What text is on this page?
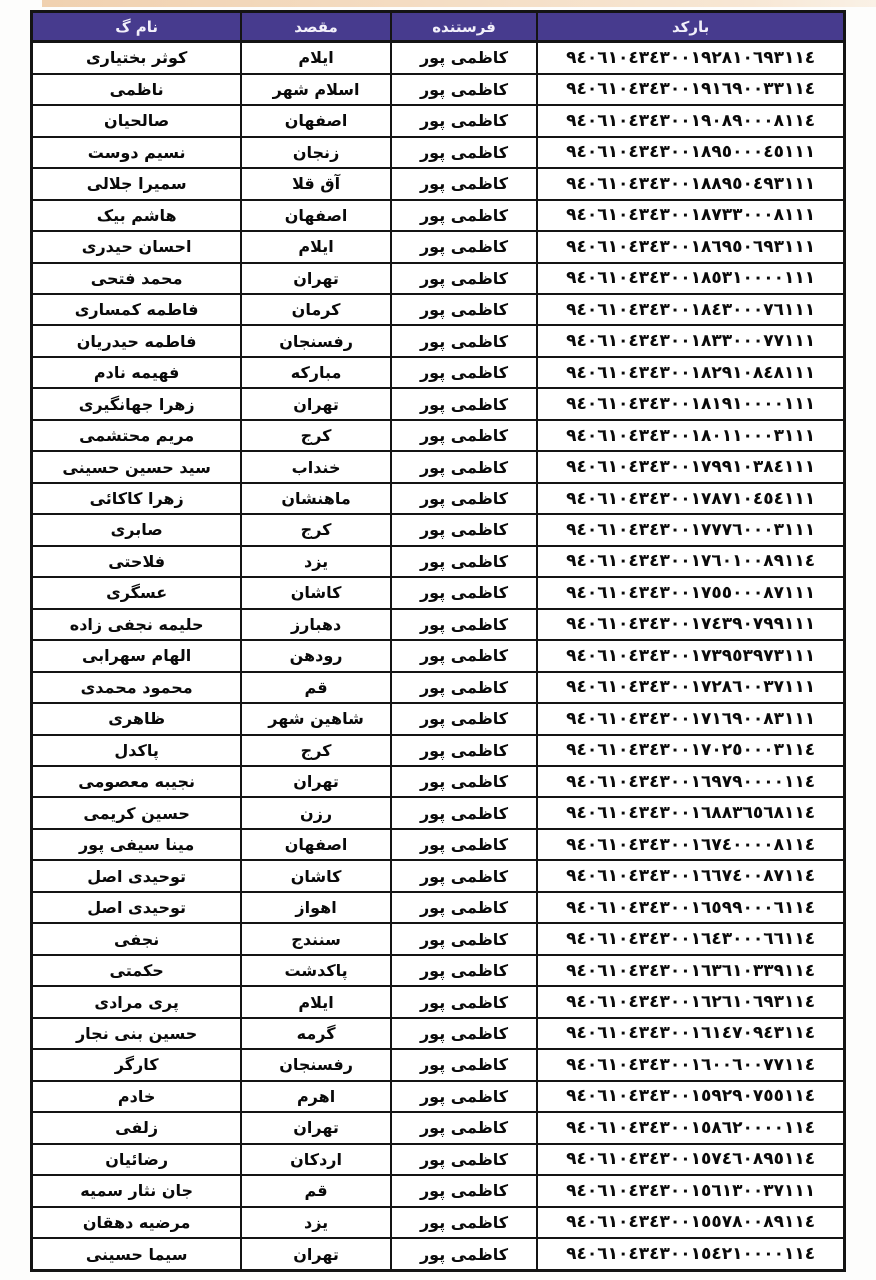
بارکد	فرستنده	مقصد	نام گ
٩٤٠٦١٠٤٣٤٣٠٠١٩٢٨١٠٦٩٣١١٤	کاظمی پور	ایلام	کوثر بختیاری
٩٤٠٦١٠٤٣٤٣٠٠١٩١٦٩٠٠٣٣١١٤	کاظمی پور	اسلام شهر	ناظمی
٩٤٠٦١٠٤٣٤٣٠٠١٩٠٨٩٠٠٠٨١١٤	کاظمی پور	اصفهان	صالحیان
٩٤٠٦١٠٤٣٤٣٠٠١٨٩٥٠٠٠٤٥١١١	کاظمی پور	زنجان	نسیم دوست
٩٤٠٦١٠٤٣٤٣٠٠١٨٨٩٥٠٤٩٣١١١	کاظمی پور	آق قلا	سمیرا جلالی
٩٤٠٦١٠٤٣٤٣٠٠١٨٧٣٣٠٠٠٨١١١	کاظمی پور	اصفهان	هاشم بیک
٩٤٠٦١٠٤٣٤٣٠٠١٨٦٩٥٠٦٩٣١١١	کاظمی پور	ایلام	احسان حیدری
٩٤٠٦١٠٤٣٤٣٠٠١٨٥٣١٠٠٠٠١١١	کاظمی پور	تهران	محمد فتحی
٩٤٠٦١٠٤٣٤٣٠٠١٨٤٣٠٠٠٧٦١١١	کاظمی پور	کرمان	فاطمه کمساری
٩٤٠٦١٠٤٣٤٣٠٠١٨٣٣٠٠٠٧٧١١١	کاظمی پور	رفسنجان	فاطمه حیدریان
٩٤٠٦١٠٤٣٤٣٠٠١٨٢٩١٠٨٤٨١١١	کاظمی پور	مبارکه	فهیمه نادم
٩٤٠٦١٠٤٣٤٣٠٠١٨١٩١٠٠٠٠١١١	کاظمی پور	تهران	زهرا جهانگیری
٩٤٠٦١٠٤٣٤٣٠٠١٨٠١١٠٠٠٣١١١	کاظمی پور	کرج	مریم محتشمی
٩٤٠٦١٠٤٣٤٣٠٠١٧٩٩١٠٣٨٤١١١	کاظمی پور	خنداب	سید حسین حسینی
٩٤٠٦١٠٤٣٤٣٠٠١٧٨٧١٠٤٥٤١١١	کاظمی پور	ماهنشان	زهرا کاکائی
٩٤٠٦١٠٤٣٤٣٠٠١٧٧٧٦٠٠٠٣١١١	کاظمی پور	کرج	صابری
٩٤٠٦١٠٤٣٤٣٠٠١٧٦٠١٠٠٨٩١١٤	کاظمی پور	یزد	فلاحتی
٩٤٠٦١٠٤٣٤٣٠٠١٧٥٥٠٠٠٨٧١١١	کاظمی پور	کاشان	عسگری
٩٤٠٦١٠٤٣٤٣٠٠١٧٤٣٩٠٧٩٩١١١	کاظمی پور	دهبارز	حلیمه نجفی زاده
٩٤٠٦١٠٤٣٤٣٠٠١٧٣٩٥٣٩٧٣١١١	کاظمی پور	رودهن	الهام سهرابی
٩٤٠٦١٠٤٣٤٣٠٠١٧٢٨٦٠٠٣٧١١١	کاظمی پور	قم	محمود محمدی
٩٤٠٦١٠٤٣٤٣٠٠١٧١٦٩٠٠٨٣١١١	کاظمی پور	شاهین شهر	ظاهری
٩٤٠٦١٠٤٣٤٣٠٠١٧٠٢٥٠٠٠٣١١٤	کاظمی پور	کرج	پاکدل
٩٤٠٦١٠٤٣٤٣٠٠١٦٩٧٩٠٠٠٠١١٤	کاظمی پور	تهران	نجیبه معصومی
٩٤٠٦١٠٤٣٤٣٠٠١٦٨٨٣٦٥٦٨١١٤	کاظمی پور	رزن	حسین کریمی
٩٤٠٦١٠٤٣٤٣٠٠١٦٧٤٠٠٠٠٨١١٤	کاظمی پور	اصفهان	مینا سیفی پور
٩٤٠٦١٠٤٣٤٣٠٠١٦٦٧٤٠٠٨٧١١٤	کاظمی پور	کاشان	توحیدی اصل
٩٤٠٦١٠٤٣٤٣٠٠١٦٥٩٩٠٠٠٦١١٤	کاظمی پور	اهواز	توحیدی اصل
٩٤٠٦١٠٤٣٤٣٠٠١٦٤٣٠٠٠٦٦١١٤	کاظمی پور	سنندج	نجفی
٩٤٠٦١٠٤٣٤٣٠٠١٦٣٦١٠٣٣٩١١٤	کاظمی پور	پاکدشت	حکمتی
٩٤٠٦١٠٤٣٤٣٠٠١٦٢٦١٠٦٩٣١١٤	کاظمی پور	ایلام	پری مرادی
٩٤٠٦١٠٤٣٤٣٠٠١٦١٤٧٠٩٤٣١١٤	کاظمی پور	گرمه	حسین بنی نجار
٩٤٠٦١٠٤٣٤٣٠٠١٦٠٠٦٠٠٧٧١١٤	کاظمی پور	رفسنجان	کارگر
٩٤٠٦١٠٤٣٤٣٠٠١٥٩٢٩٠٧٥٥١١٤	کاظمی پور	اهرم	خادم
٩٤٠٦١٠٤٣٤٣٠٠١٥٨٦٢٠٠٠٠١١٤	کاظمی پور	تهران	زلفی
٩٤٠٦١٠٤٣٤٣٠٠١٥٧٤٦٠٨٩٥١١٤	کاظمی پور	اردکان	رضائیان
٩٤٠٦١٠٤٣٤٣٠٠١٥٦١٣٠٠٣٧١١١	کاظمی پور	قم	جان نثار سمیه
٩٤٠٦١٠٤٣٤٣٠٠١٥٥٧٨٠٠٨٩١١٤	کاظمی پور	یزد	مرضیه دهقان
٩٤٠٦١٠٤٣٤٣٠٠١٥٤٢١٠٠٠٠١١٤	کاظمی پور	تهران	سیما حسینی
